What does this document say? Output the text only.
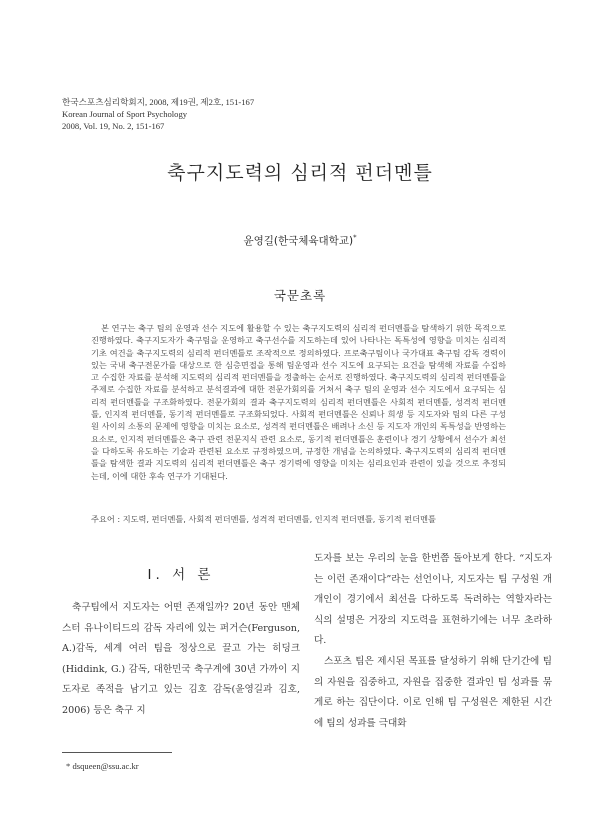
한국스포츠심리학회지, 2008, 제19권, 제2호, 151-167
Korean Journal of Sport Psychology
2008, Vol. 19, No. 2, 151-167
축구지도력의 심리적 펀더멘틀
윤영길(한국체육대학교)*
국문초록

본 연구는 축구 팀의 운영과 선수 지도에 활용할 수 있는 축구지도력의 심리적 펀더멘틀을 탐색하기 위한 목적으로 진행하였다. 축구지도자가 축구팀을 운영하고 축구선수를 지도하는데 있어 나타나는 독특성에 영향을 미치는 심리적 기초 여건을 축구지도력의 심리적 펀더멘틀로 조작적으로 정의하였다. 프로축구팀이나 국가대표 축구팀 감독 경력이 있는 국내 축구전문가를 대상으로 한 심층면접을 통해 팀운영과 선수 지도에 요구되는 요건을 탐색해 자료를 수집하고 수집한 자료를 분석해 지도력의 심리적 펀더멘틀을 정출하는 순서로 진행하였다. 축구지도력의 심리적 펀더멘틀을 주제로 수집한 자료를 분석하고 분석결과에 대한 전문가회의를 거쳐서 축구 팀의 운영과 선수 지도에서 요구되는 심리적 펀더멘틀을 구조화하였다. 전문가회의 결과 축구지도력의 심리적 펀더멘틀은 사회적 펀더멘틀, 성격적 펀더멘틀, 인지적 펀더멘틀, 동기적 펀더멘틀로 구조화되었다. 사회적 펀더멘틀은 신뢰나 희생 등 지도자와 팀의 다른 구성원 사이의 소통의 문제에 영향을 미치는 요소로, 성격적 펀더멘틀은 배려나 소신 등 지도자 개인의 독특성을 반영하는 요소로, 인지적 펀더멘틀은 축구 관련 전문지식 관련 요소로, 동기적 펀더멘틀은 훈련이나 경기 상황에서 선수가 최선을 다하도록 유도하는 기술과 관련된 요소로 규정하였으며, 규정한 개념을 논의하였다. 축구지도력의 심리적 펀더멘틀을 탐색한 결과 지도력의 심리적 펀더멘틀은 축구 경기력에 영향을 미치는 심리요인과 관련이 있을 것으로 추정되는데, 이에 대한 후속 연구가 기대된다.

주요어 : 지도력, 펀더멘틀, 사회적 펀더멘틀, 성격적 펀더멘틀, 인지적 펀더멘틀, 동기적 펀더멘틀
Ⅰ. 서 론

축구팀에서 지도자는 어떤 존재일까? 20년 동안 맨체스터 유나이티드의 감독 자리에 있는 퍼거슨(Ferguson, A.)감독, 세계 여러 팀을 정상으로 끌고 가는 히딩크(Hiddink, G.) 감독, 대한민국 축구계에 30년 가까이 지도자로 족적을 남기고 있는 김호 감독(윤영길과 김호, 2006) 등은 축구 지

도자를 보는 우리의 눈을 한번쯤 돌아보게 한다. “지도자는 이런 존재이다”라는 선언이나, 지도자는 팀 구성원 개개인이 경기에서 최선을 다하도록 독려하는 역할자라는 식의 설명은 거장의 지도력을 표현하기에는 너무 초라하다.

스포츠 팀은 제시된 목표를 달성하기 위해 단기간에 팀의 자원을 집중하고, 자원을 집중한 결과인 팀 성과를 묶게로 하는 집단이다. 이로 인해 팀 구성원은 제한된 시간에 팀의 성과를 극대화

* dsqueen@ssu.ac.kr
